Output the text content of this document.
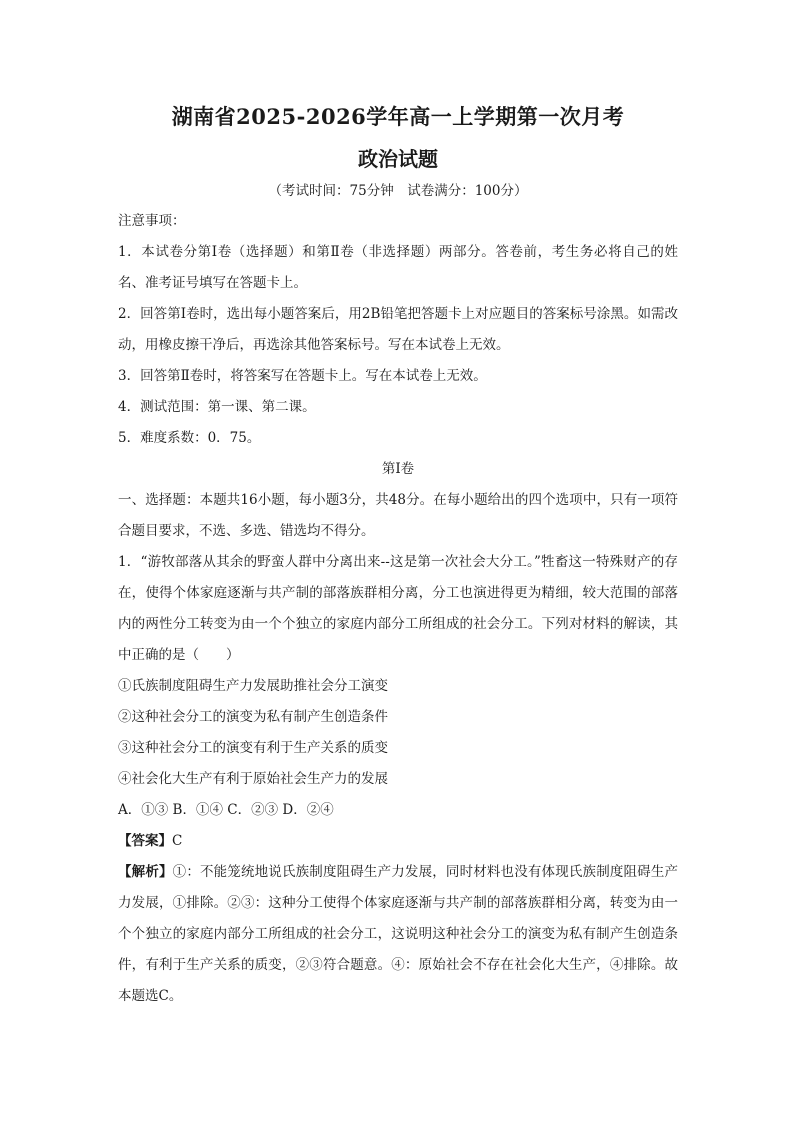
湖南省2025-2026学年高一上学期第一次月考
政治试题
（考试时间：75分钟　试卷满分：100分）

注意事项：

1．本试卷分第Ⅰ卷（选择题）和第Ⅱ卷（非选择题）两部分。答卷前，考生务必将自己的姓名、准考证号填写在答题卡上。

2．回答第Ⅰ卷时，选出每小题答案后，用2B铅笔把答题卡上对应题目的答案标号涂黑。如需改动，用橡皮擦干净后，再选涂其他答案标号。写在本试卷上无效。

3．回答第Ⅱ卷时，将答案写在答题卡上。写在本试卷上无效。

4．测试范围：第一课、第二课。

5．难度系数：0．75。

第Ⅰ卷

一、选择题：本题共16小题，每小题3分，共48分。在每小题给出的四个选项中，只有一项符合题目要求，不选、多选、错选均不得分。

1．“游牧部落从其余的野蛮人群中分离出来--这是第一次社会大分工。”牲畜这一特殊财产的存在，使得个体家庭逐渐与共产制的部落族群相分离，分工也演进得更为精细，较大范围的部落内的两性分工转变为由一个个独立的家庭内部分工所组成的社会分工。下列对材料的解读，其中正确的是（　　）

①氏族制度阻碍生产力发展助推社会分工演变

②这种社会分工的演变为私有制产生创造条件

③这种社会分工的演变有利于生产关系的质变

④社会化大生产有利于原始社会生产力的发展

A．①③ B．①④ C．②③ D．②④

【答案】C

【解析】①：不能笼统地说氏族制度阻碍生产力发展，同时材料也没有体现氏族制度阻碍生产力发展，①排除。②③：这种分工使得个体家庭逐渐与共产制的部落族群相分离，转变为由一个个独立的家庭内部分工所组成的社会分工，这说明这种社会分工的演变为私有制产生创造条件，有利于生产关系的质变，②③符合题意。④：原始社会不存在社会化大生产，④排除。故本题选C。
